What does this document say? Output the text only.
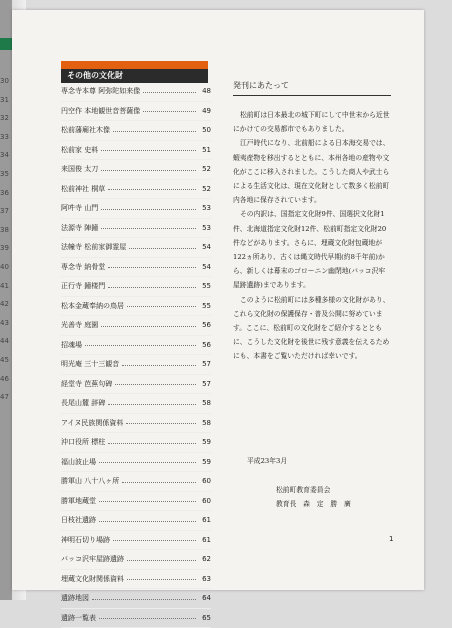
30
31
32
33
34
35
36
37
38
39
40
41
42
43
44
45
46
47
その他の文化財
専念寺本尊 阿弥陀如来像	48
円空作 本地観世音菩薩像	49
松前藩廟社木像	50
松前家 史料	51
来国俊 太刀	52
松前神社 桐草	52
阿吽寺 山門	53
法源寺 陣鐘	53
法幢寺 松前家御霊屋	54
専念寺 納骨堂	54
正行寺 鐘楼門	55
松本金蔵奉納の鳥居	55
光善寺 庭園	56
招魂場	56
明光庵 三十三観音	57
経堂寺 芭蕉句碑	57
長尾山麓 辞碑	58
アイヌ民族関係資料	58
沖口役所 標柱	59
福山波止場	59
勝軍山 八十八ヶ所	60
勝軍地蔵堂	60
日枝社遺跡	61
神明石切り場跡	61
バッコ沢牢屋跡遺跡	62
埋蔵文化財関係資料	63
遺跡地図	64
遺跡一覧表	65
発刊にあたって

松前町は日本最北の城下町にして中世末から近世にかけての交易都市でもありました。

江戸時代になり、北前船による日本海交易では、蝦夷産物を移出するとともに、本州各地の産物や文化がここに移入されました。こうした商人や武士らによる生活文化は、現在文化財として数多く松前町内各地に保存されています。

その内訳は、国指定文化財9件、国選択文化財1件、北海道指定文化財12件、松前町指定文化財20件などがあります。さらに、埋蔵文化財包蔵地が122ヵ所あり、古くは縄文時代早期(約8千年前)から、新しくは幕末のゴローニン幽閉地(バッコ沢牢屋跡遺跡)まであります。

このように松前町には多種多様の文化財があり、これら文化財の保護保存・普及公開に努めています。ここに、松前町の文化財をご紹介するとともに、こうした文化財を後世に残す意義を伝えるためにも、本書をご覧いただければ幸いです。

平成23年3月
松前町教育委員会
教育長　森　定　勝　廣
1
